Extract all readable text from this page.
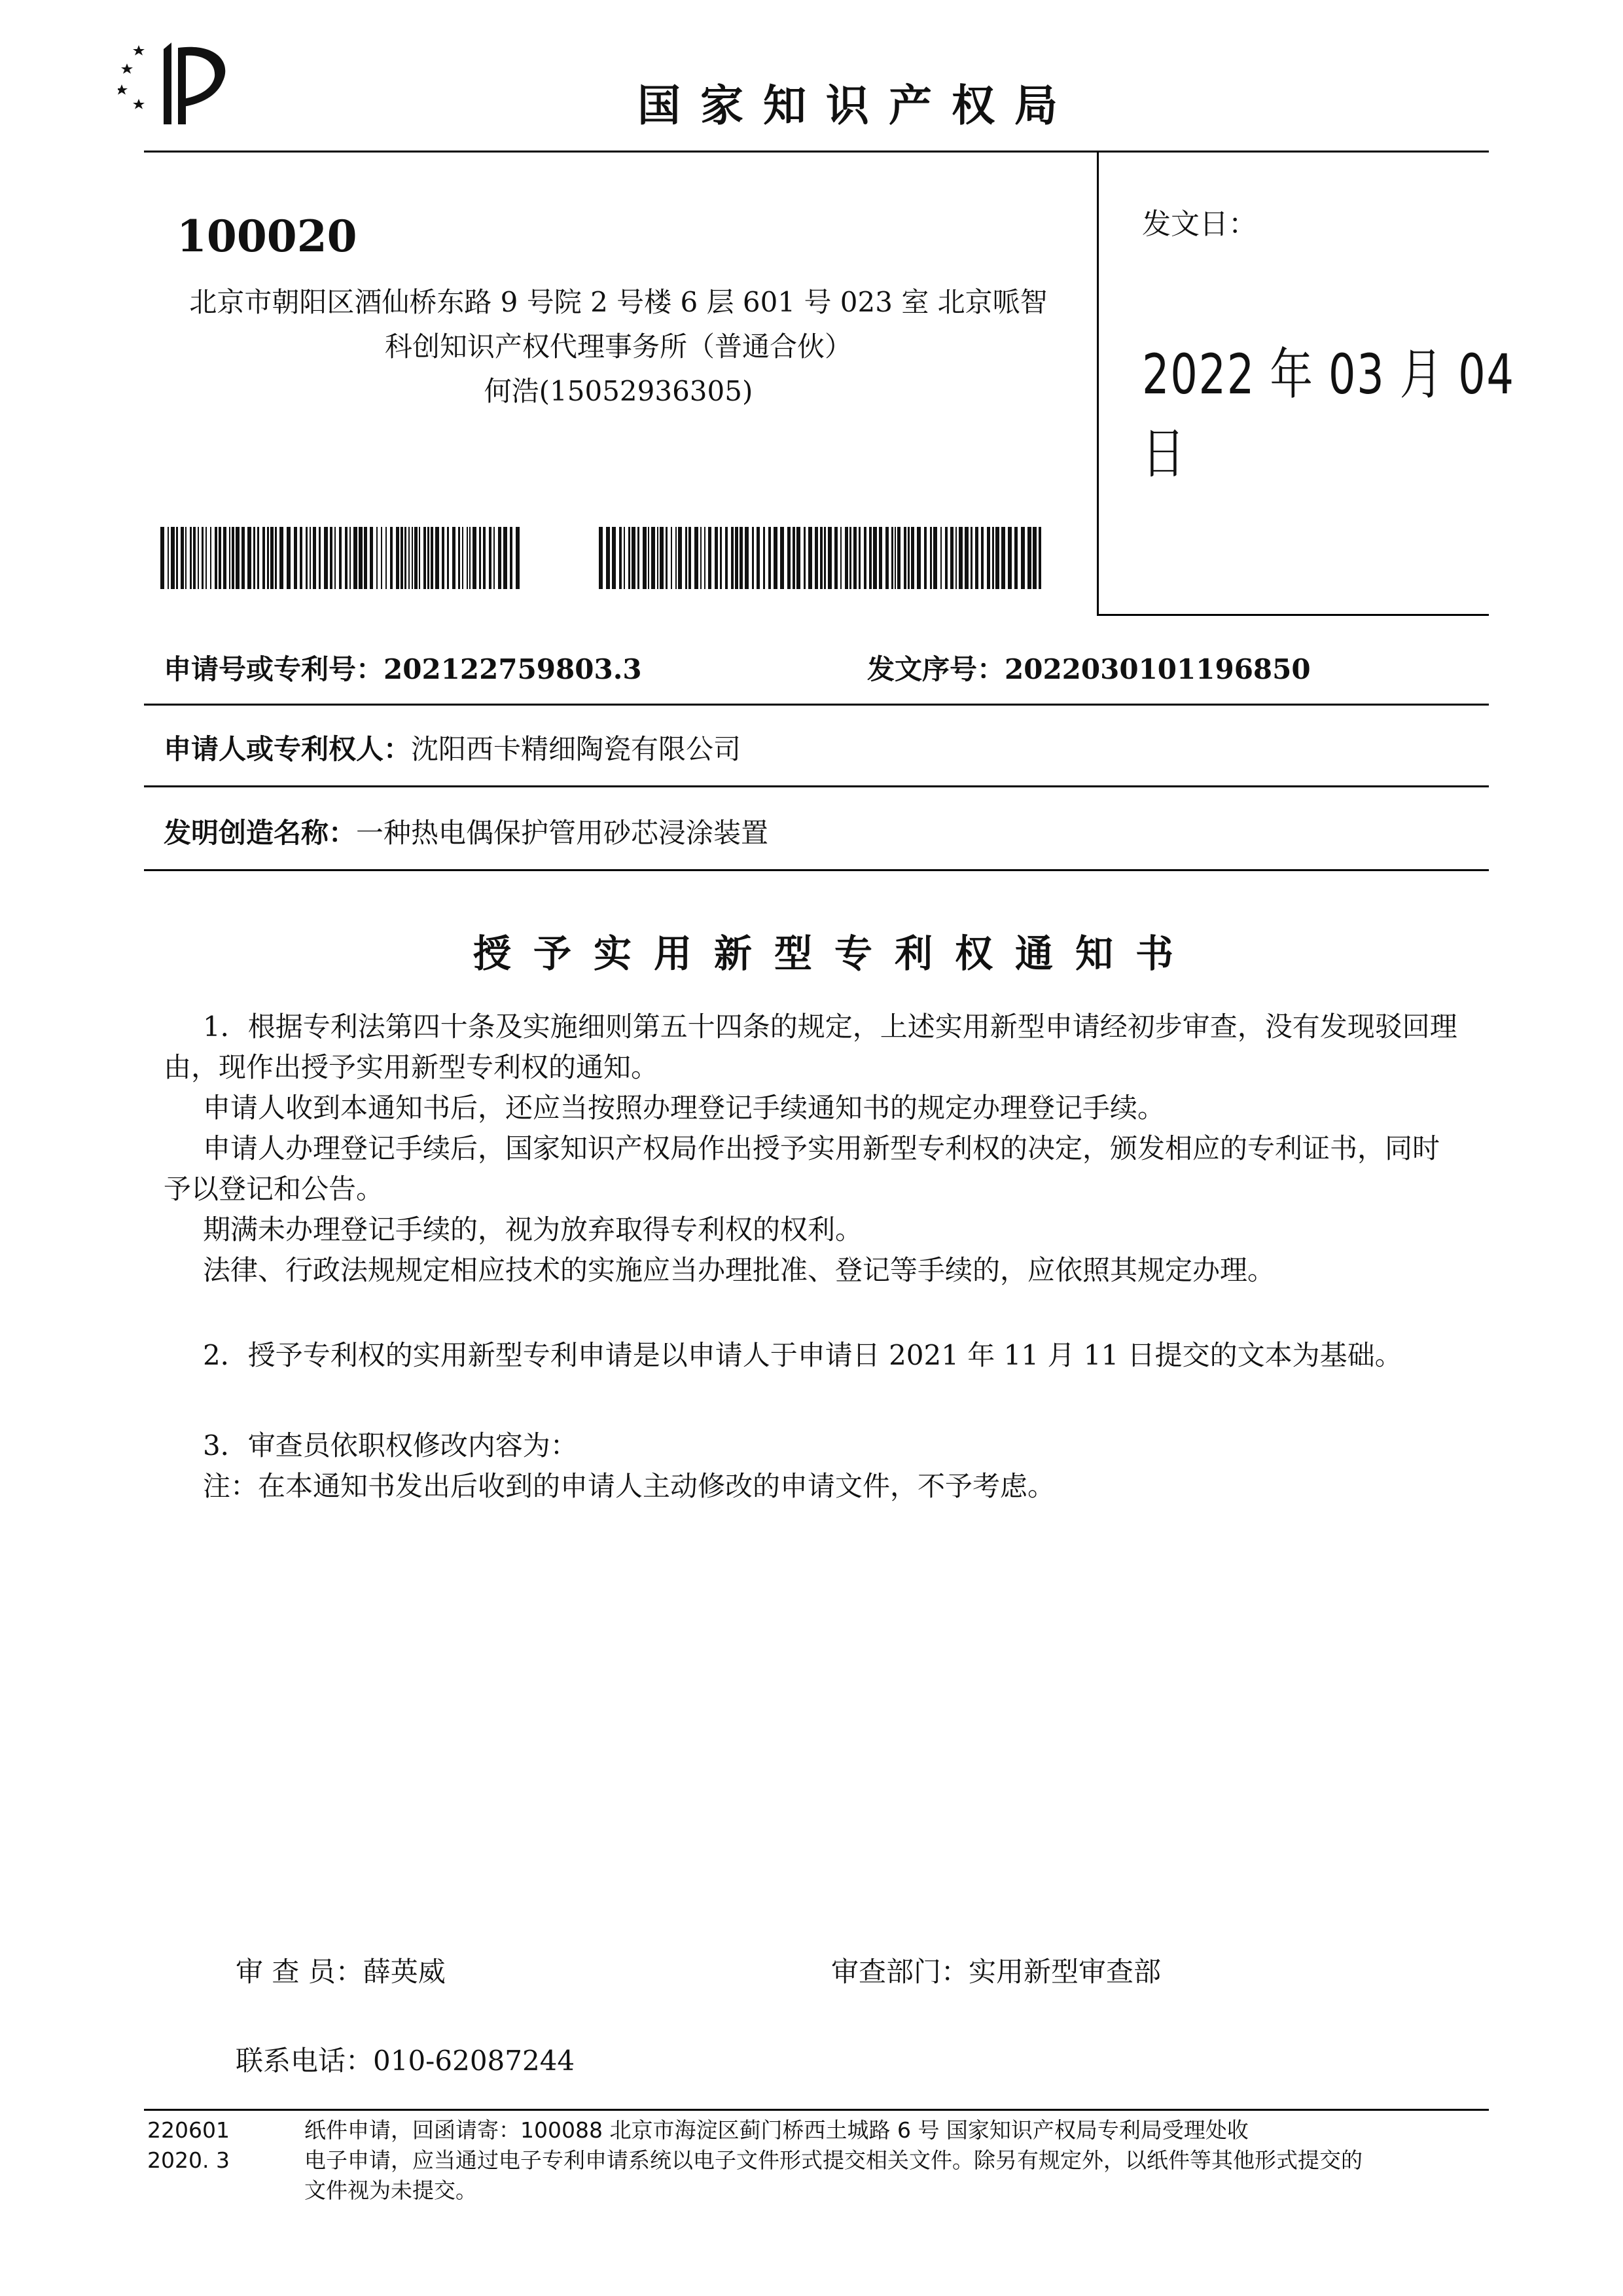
国家知识产权局
100020
北京市朝阳区酒仙桥东路 9 号院 2 号楼 6 层 601 号 023 室 北京哌智
科创知识产权代理事务所（普通合伙）
何浩(15052936305)
发文日：
2022 年 03 月 04 日
申请号或专利号：202122759803.3	发文序号：2022030101196850
申请人或专利权人：沈阳西卡精细陶瓷有限公司
发明创造名称：一种热电偶保护管用砂芯浸涂装置
授予实用新型专利权通知书
1．根据专利法第四十条及实施细则第五十四条的规定，上述实用新型申请经初步审查，没有发现驳回理
由，现作出授予实用新型专利权的通知。
申请人收到本通知书后，还应当按照办理登记手续通知书的规定办理登记手续。
申请人办理登记手续后，国家知识产权局作出授予实用新型专利权的决定，颁发相应的专利证书，同时
予以登记和公告。
期满未办理登记手续的，视为放弃取得专利权的权利。
法律、行政法规规定相应技术的实施应当办理批准、登记等手续的，应依照其规定办理。
2．授予专利权的实用新型专利申请是以申请人于申请日 2021 年 11 月 11 日提交的文本为基础。
3．审查员依职权修改内容为：
注：在本通知书发出后收到的申请人主动修改的申请文件，不予考虑。
审 查 员：薛英威	审查部门：实用新型审查部
联系电话：010-62087244
220601
2020. 3
纸件申请，回函请寄：100088 北京市海淀区蓟门桥西土城路 6 号 国家知识产权局专利局受理处收
电子申请，应当通过电子专利申请系统以电子文件形式提交相关文件。除另有规定外，以纸件等其他形式提交的
文件视为未提交。
